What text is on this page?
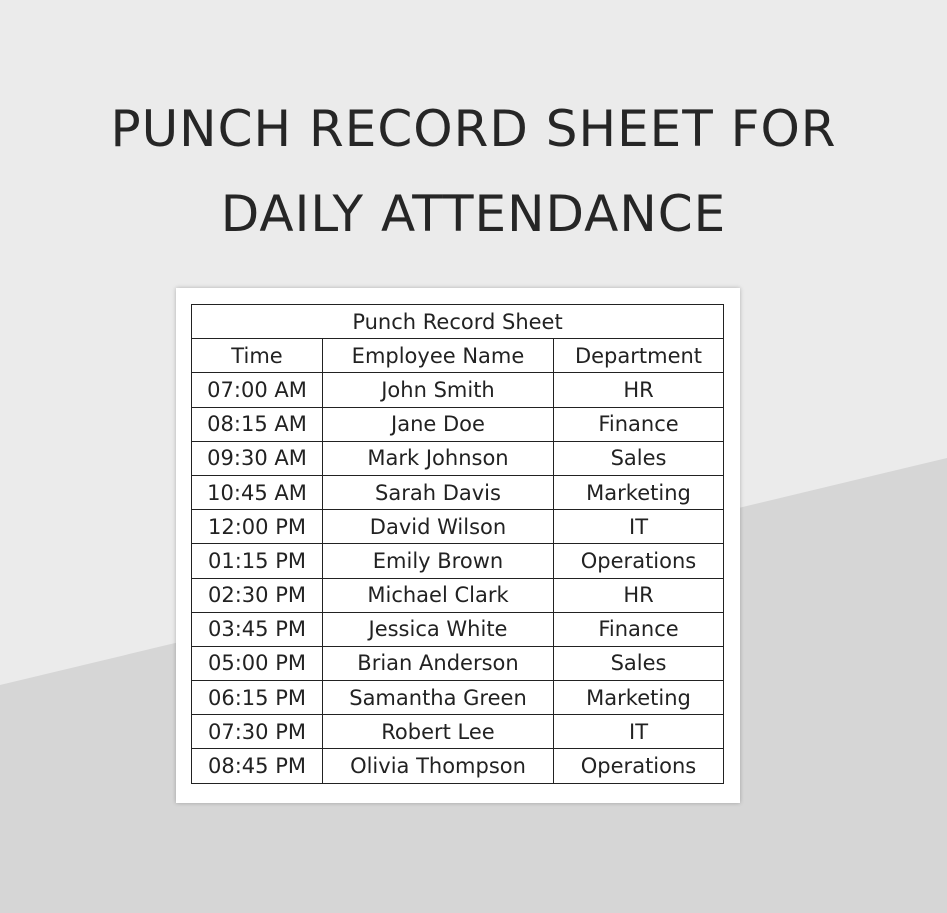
PUNCH RECORD SHEET FOR
DAILY ATTENDANCE
Punch Record Sheet		
Time	Employee Name	Department
07:00 AM	John Smith	HR
08:15 AM	Jane Doe	Finance
09:30 AM	Mark Johnson	Sales
10:45 AM	Sarah Davis	Marketing
12:00 PM	David Wilson	IT
01:15 PM	Emily Brown	Operations
02:30 PM	Michael Clark	HR
03:45 PM	Jessica White	Finance
05:00 PM	Brian Anderson	Sales
06:15 PM	Samantha Green	Marketing
07:30 PM	Robert Lee	IT
08:45 PM	Olivia Thompson	Operations
